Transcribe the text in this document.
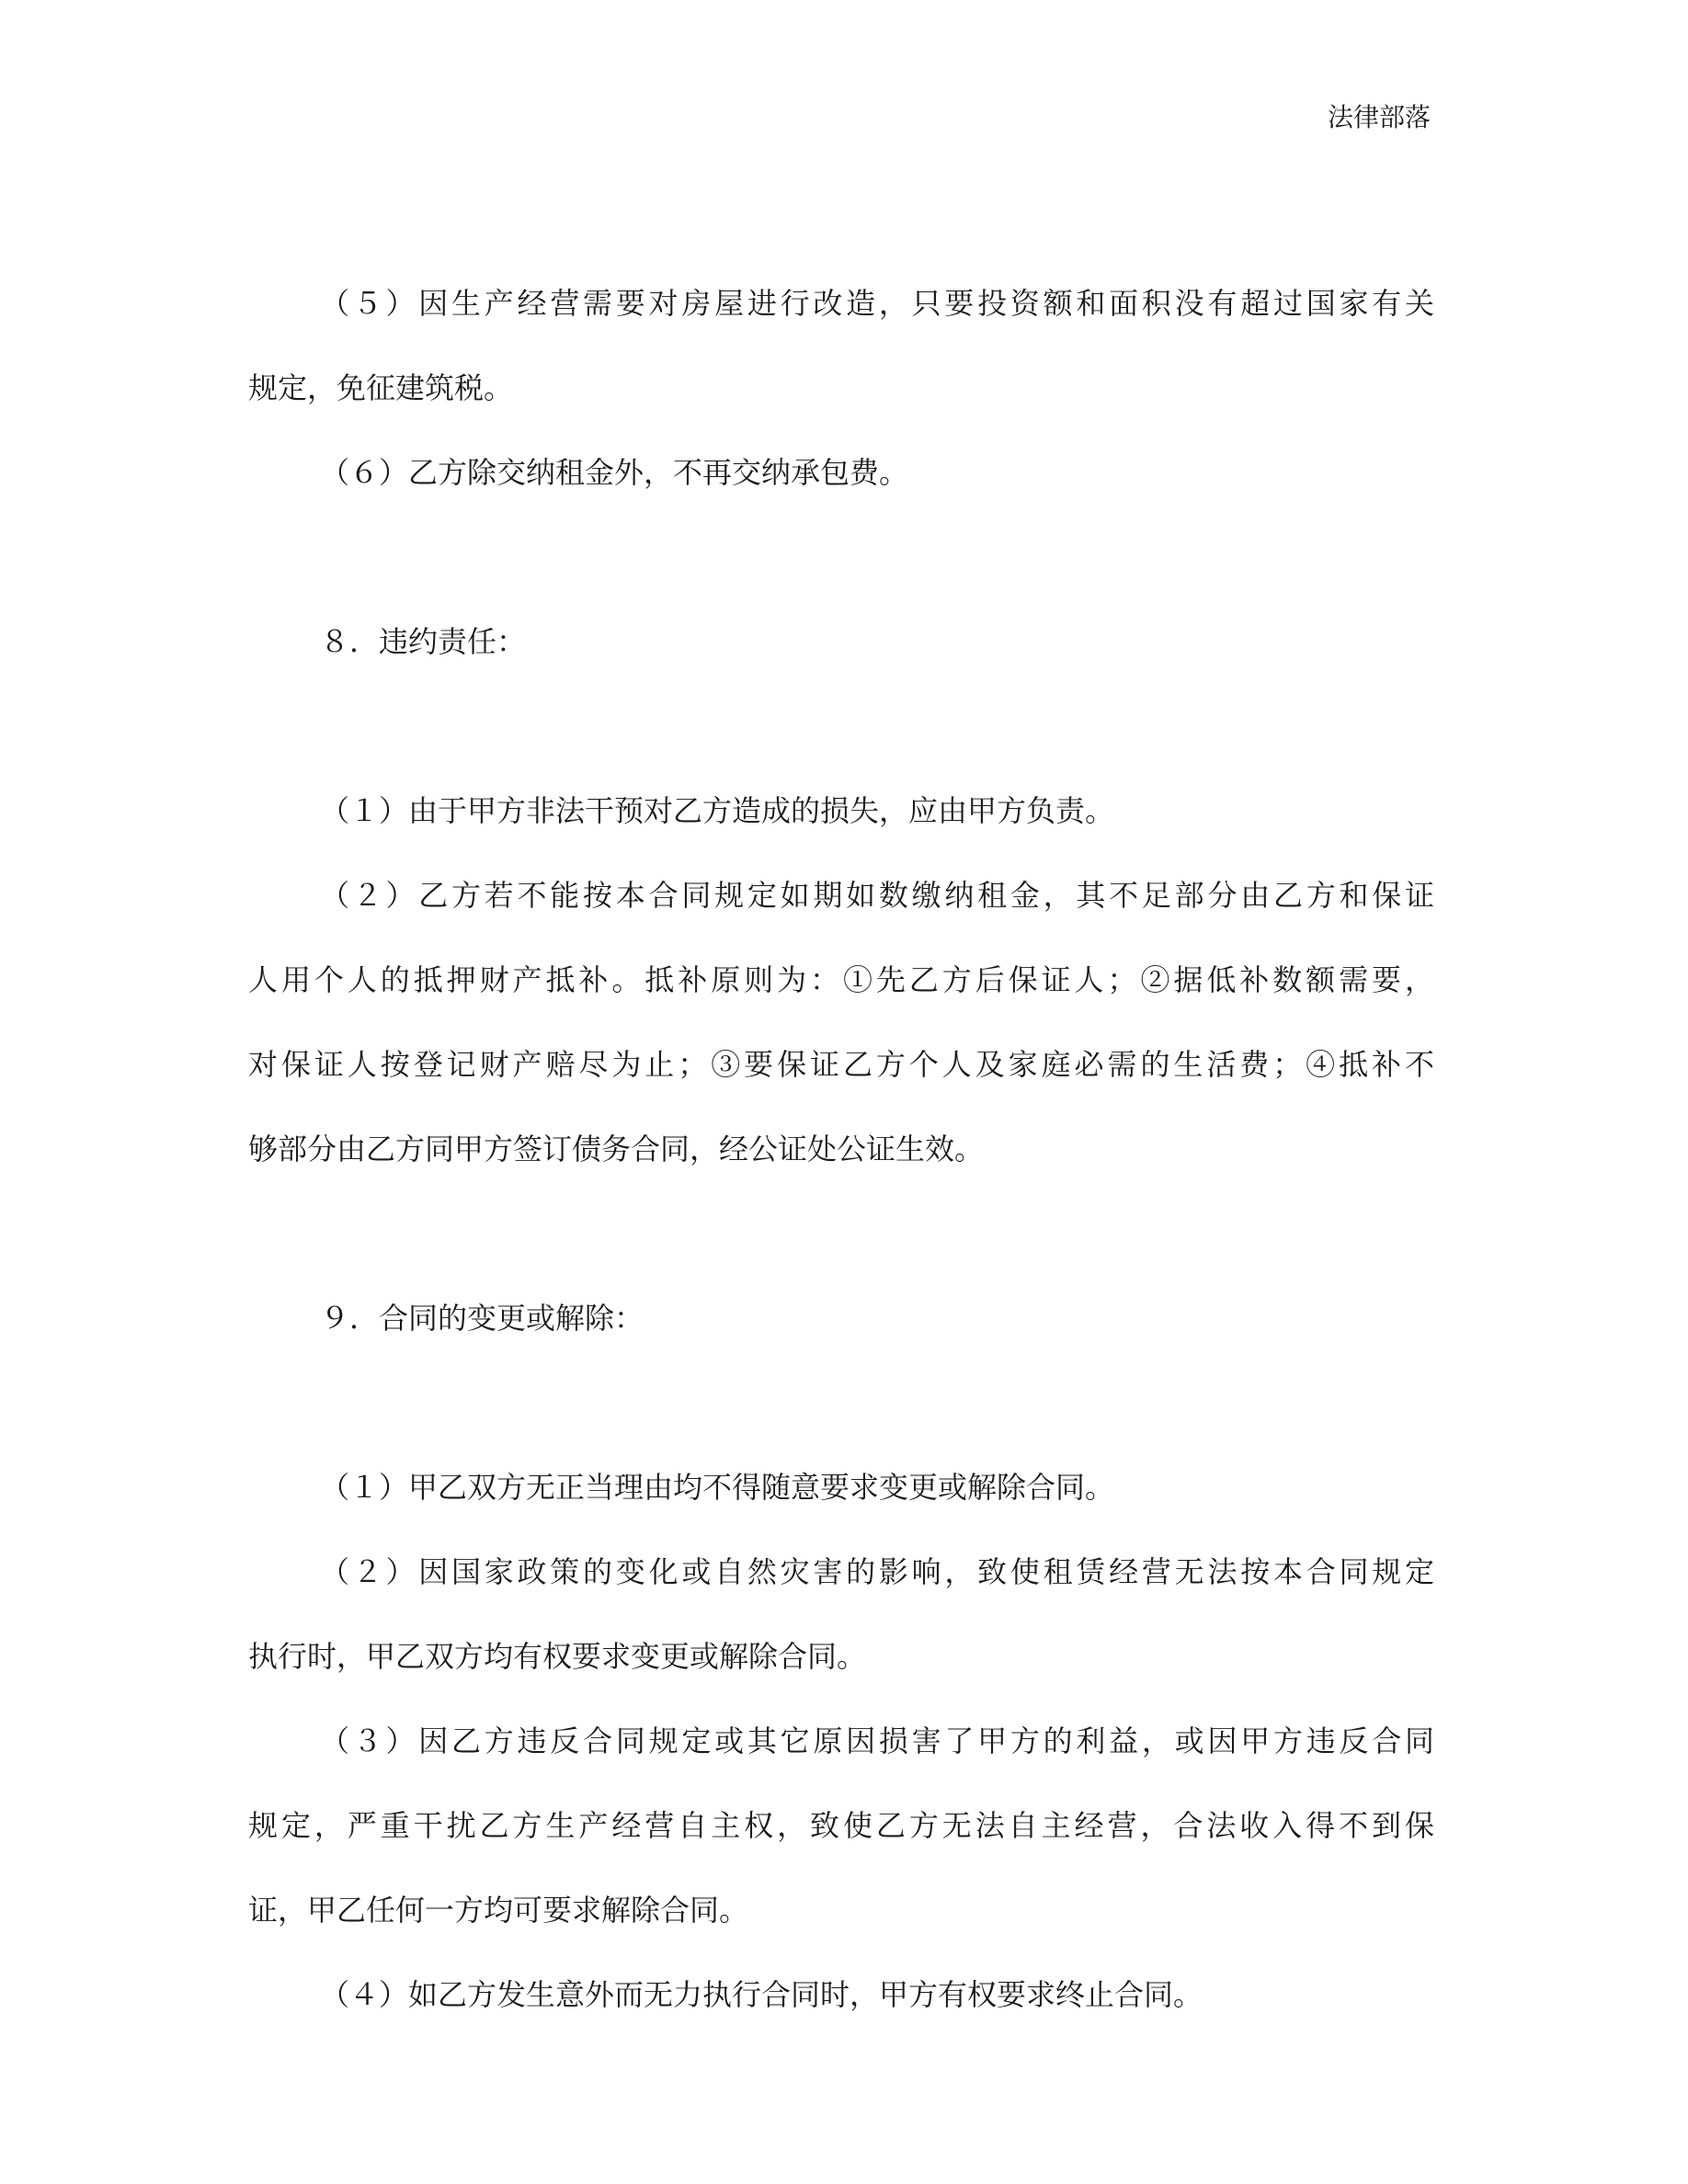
法律部落
（５）因生产经营需要对房屋进行改造，只要投资额和面积没有超过国家有关
规定，免征建筑税。
（６）乙方除交纳租金外，不再交纳承包费。
８．违约责任：
（１）由于甲方非法干预对乙方造成的损失，应由甲方负责。
（２）乙方若不能按本合同规定如期如数缴纳租金，其不足部分由乙方和保证
人用个人的抵押财产抵补。抵补原则为：①先乙方后保证人；②据低补数额需要，
对保证人按登记财产赔尽为止；③要保证乙方个人及家庭必需的生活费；④抵补不
够部分由乙方同甲方签订债务合同，经公证处公证生效。
９．合同的变更或解除：
（１）甲乙双方无正当理由均不得随意要求变更或解除合同。
（２）因国家政策的变化或自然灾害的影响，致使租赁经营无法按本合同规定
执行时，甲乙双方均有权要求变更或解除合同。
（３）因乙方违反合同规定或其它原因损害了甲方的利益，或因甲方违反合同
规定，严重干扰乙方生产经营自主权，致使乙方无法自主经营，合法收入得不到保
证，甲乙任何一方均可要求解除合同。
（４）如乙方发生意外而无力执行合同时，甲方有权要求终止合同。
